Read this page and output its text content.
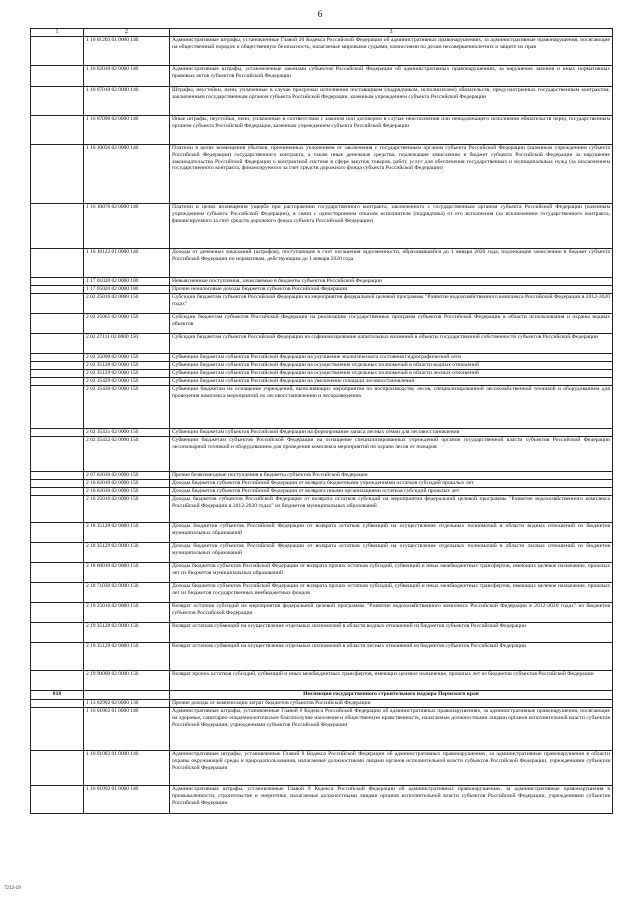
6
1	2	3
	1 16 01203 01 0000 140	Административные штрафы, установленные Главой 20 Кодекса Российской Федерации об административных правонарушениях, за административные правонарушения, посягающие на общественный порядок и общественную безопасность, налагаемые мировыми судьями, комиссиями по делам несовершеннолетних и защите их прав
	1 16 02010 02 0000 140	Административные штрафы, установленные законами субъектов Российской Федерации об административных правонарушениях, за нарушение законов и иных нормативных правовых актов субъектов Российской Федерации
	1 16 07010 02 0000 140	Штрафы, неустойки, пени, уплаченные в случае просрочки исполнения поставщиком (подрядчиком, исполнителем) обязательств, предусмотренных государственным контрактом, заключенным государственным органом субъекта Российской Федерации, казенным учреждением субъекта Российской Федерации
	1 16 07090 02 0000 140	Иные штрафы, неустойки, пени, уплаченные в соответствии с законом или договором в случае неисполнения или ненадлежащего исполнения обязательств перед государственным органом субъекта Российской Федерации, казенным учреждением субъекта Российской Федерации
	1 16 10056 02 0000 140	Платежи в целях возмещения убытков, причиненных уклонением от заключения с государственным органом субъекта Российской Федерации (казенным учреждением субъекта Российской Федерации) государственного контракта, а также иные денежные средства, подлежащие зачислению в бюджет субъекта Российской Федерации за нарушение законодательства Российской Федерации о контрактной системе в сфере закупок товаров, работ, услуг для обеспечения государственных и муниципальных нужд (за исключением государственного контракта, финансируемого за счет средств дорожного фонда субъекта Российской Федерации)
	1 16 10076 02 0000 140	Платежи в целях возмещения ущерба при расторжении государственного контракта, заключенного с государственным органом субъекта Российской Федерации (казенным учреждением субъекта Российской Федерации), в связи с односторонним отказом исполнителя (подрядчика) от его исполнения (за исключением государственного контракта, финансируемого за счет средств дорожного фонда субъекта Российской Федерации)
	1 16 10122 01 0000 140	Доходы от денежных взысканий (штрафов), поступающие в счет погашения задолженности, образовавшейся до 1 января 2020 года, подлежащие зачислению в бюджет субъекта Российской Федерации по нормативам, действующим до 1 января 2020 года
	1 17 01020 02 0000 180	Невыясненные поступления, зачисляемые в бюджеты субъектов Российской Федерации
	1 17 05020 02 0000 180	Прочие неналоговые доходы бюджетов субъектов Российской Федерации
	2 02 25016 02 0000 150	Субсидии бюджетам субъектов Российской Федерации на мероприятия федеральной целевой программы "Развитие водохозяйственного комплекса Российской Федерации в 2012-2020 годах"
	2 02 25065 02 0000 150	Субсидии бюджетам субъектов Российской Федерации на реализацию государственных программ субъектов Российской Федерации в области использования и охраны водных объектов
	2 02 27111 02 0000 150	Субсидии бюджетам субъектов Российской Федерации на софинансирование капитальных вложений в объекты государственной собственности субъектов Российской Федерации
	2 02 35090 02 0000 150	Субвенции бюджетам субъектов Российской Федерации на улучшение экологического состояния гидрографической сети
	2 02 35128 02 0000 150	Субвенции бюджетам субъектов Российской Федерации на осуществление отдельных полномочий в области водных отношений
	2 02 35129 02 0000 150	Субвенции бюджетам субъектов Российской Федерации на осуществление отдельных полномочий в области лесных отношений
	2 02 35429 02 0000 150	Субвенции бюджетам субъектов Российской Федерации на увеличение площади лесовосстановления
	2 02 35430 02 0000 150	Субвенции бюджетам на оснащение учреждений, выполняющих мероприятия по воспроизводству лесов, специализированной лесохозяйственной техникой и оборудованием для проведения комплекса мероприятий по лесовосстановлению и лесоразведению
	2 02 35431 02 0000 150	Субвенции бюджетам субъектов Российской Федерации на формирование запаса лесных семян для лесовосстановления
	2 02 35432 02 0000 150	Субвенции бюджетам субъектов Российской Федерации на оснащение специализированных учреждений органов государственной власти субъектов Российской Федерации лесопожарной техникой и оборудованием для проведения комплекса мероприятий по охране лесов от пожаров
	2 07 02030 02 0000 150	Прочие безвозмездные поступления в бюджеты субъектов Российской Федерации
	2 18 02010 02 0000 150	Доходы бюджетов субъектов Российской Федерации от возврата бюджетными учреждениями остатков субсидий прошлых лет
	2 18 02030 02 0000 150	Доходы бюджетов субъектов Российской Федерации от возврата иными организациями остатков субсидий прошлых лет
	2 18 25016 02 0000 150	Доходы бюджетов субъектов Российской Федерации от возврата остатков субсидий на мероприятия федеральной целевой программы "Развитие водохозяйственного комплекса Российской Федерации в 2012-2020 годах" из бюджетов муниципальных образований
	2 18 35128 02 0000 150	Доходы бюджетов субъектов Российской Федерации от возврата остатков субвенций на осуществление отдельных полномочий в области водных отношений из бюджетов муниципальных образований
	2 18 35129 02 0000 150	Доходы бюджетов субъектов Российской Федерации от возврата остатков субвенций на осуществление отдельных полномочий в области лесных отношений из бюджетов муниципальных образований
	2 18 60010 02 0000 150	Доходы бюджетов субъектов Российской Федерации от возврата прочих остатков субсидий, субвенций и иных межбюджетных трансфертов, имеющих целевое назначение, прошлых лет из бюджетов муниципальных образований
	2 18 71030 02 0000 150	Доходы бюджетов субъектов Российской Федерации от возврата прочих остатков субсидий, субвенций и иных межбюджетных трансфертов, имеющих целевое назначение, прошлых лет из бюджетов государственных внебюджетных фондов
	2 19 25016 02 0000 150	Возврат остатков субсидий на мероприятия федеральной целевой программы "Развитие водохозяйственного комплекса Российской Федерации в 2012-2020 годах" из бюджетов субъектов Российской Федерации
	2 19 35128 02 0000 150	Возврат остатков субвенций на осуществление отдельных полномочий в области водных отношений из бюджетов субъектов Российской Федерации
	2 19 35129 02 0000 150	Возврат остатков субвенций на осуществление отдельных полномочий в области лесных отношений из бюджетов субъектов Российской Федерации
	2 19 90000 02 0000 150	Возврат прочих остатков субсидий, субвенций и иных межбюджетных трансфертов, имеющих целевое назначение, прошлых лет из бюджетов субъектов Российской Федерации
818		Инспекция государственного строительного надзора Пермского края
	1 13 02992 02 0000 130	Прочие доходы от компенсации затрат бюджетов субъектов Российской Федерации
	1 16 01062 01 0000 140	Административные штрафы, установленные Главой 6 Кодекса Российской Федерации об административных правонарушениях, за административные правонарушения, посягающие на здоровье, санитарно-эпидемиологическое благополучие населения и общественную нравственность, налагаемые должностными лицами органов исполнительной власти субъектов Российской Федерации, учреждениями субъектов Российской Федерации
	1 16 01082 01 0000 140	Административные штрафы, установленные Главой 8 Кодекса Российской Федерации об административных правонарушениях, за административные правонарушения в области охраны окружающей среды и природопользования, налагаемые должностными лицами органов исполнительной власти субъектов Российской Федерации, учреждениями субъектов Российской Федерации
	1 16 01092 01 0000 140	Административные штрафы, установленные Главой 9 Кодекса Российской Федерации об административных правонарушениях, за административные правонарушения в промышленности, строительстве и энергетике, налагаемые должностными лицами органов исполнительной власти субъектов Российской Федерации, учреждениями субъектов Российской Федерации
7212-19
